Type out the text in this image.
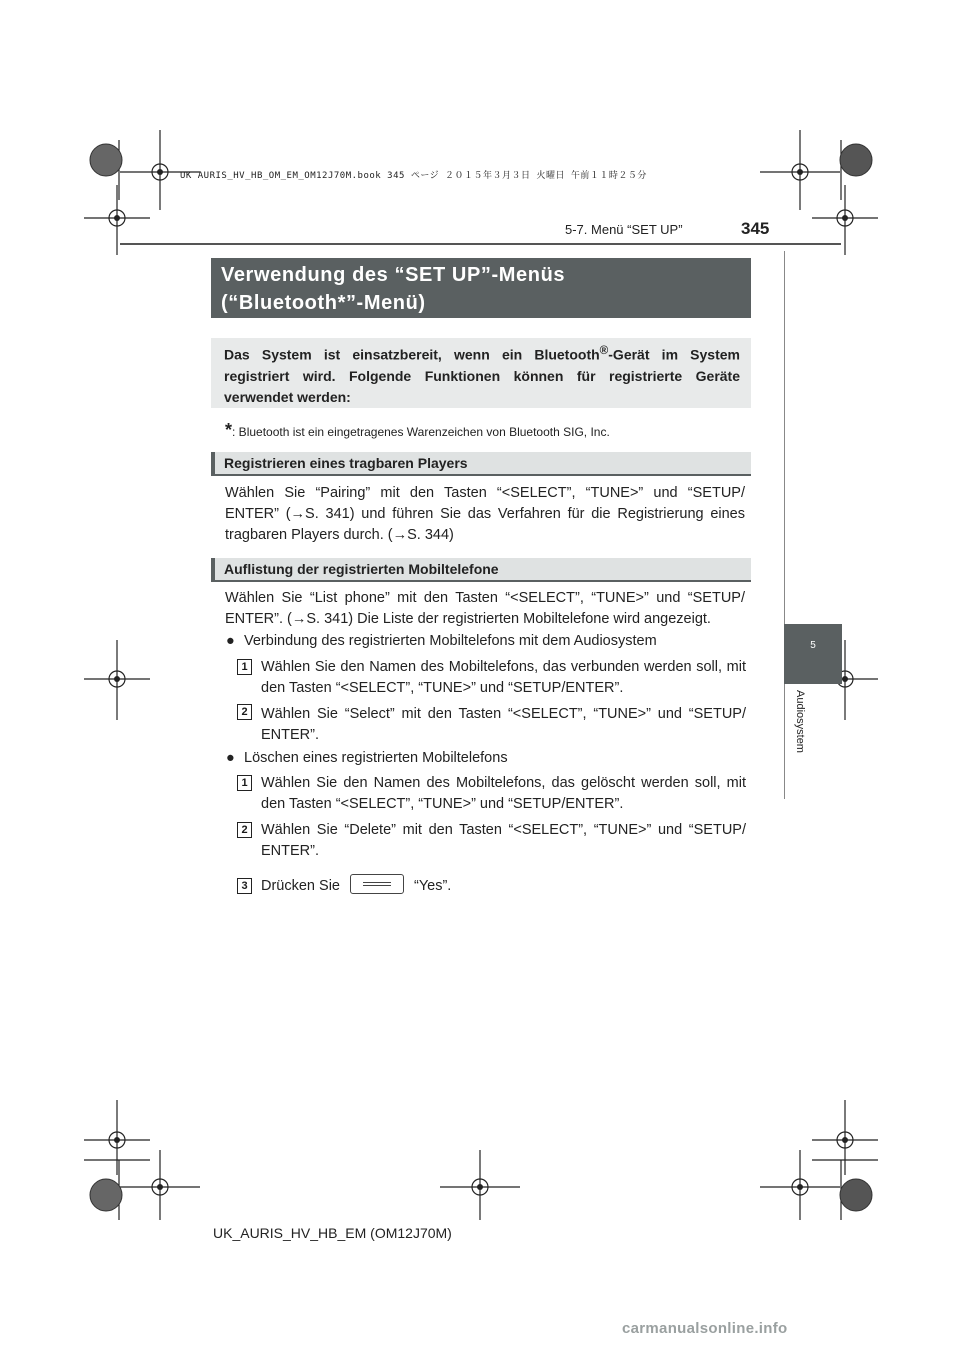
UK AURIS_HV_HB_OM_EM_OM12J70M.book 345 ページ ２０１５年３月３日 火曜日 午前１１時２５分
5-7. Menü “SET UP”	345
5
Audiosystem
Verwendung des “SET UP”-Menüs
(“Bluetooth*”-Menü)
Das System ist einsatzbereit, wenn ein Bluetooth®-Gerät im System registriert wird. Folgende Funktionen können für registrierte Geräte verwendet werden:
*: Bluetooth ist ein eingetragenes Warenzeichen von Bluetooth SIG, Inc.
Registrieren eines tragbaren Players
Wählen Sie “Pairing” mit den Tasten “<SELECT”, “TUNE>” und “SETUP/ ENTER” (→S. 341) und führen Sie das Verfahren für die Registrierung eines tragbaren Players durch. (→S. 344)
Auflistung der registrierten Mobiltelefone
Wählen Sie “List phone” mit den Tasten “<SELECT”, “TUNE>” und “SETUP/ ENTER”. (→S. 341) Die Liste der registrierten Mobiltelefone wird angezeigt.
● Verbindung des registrierten Mobiltelefons mit dem Audiosystem
1 Wählen Sie den Namen des Mobiltelefons, das verbunden werden soll, mit den Tasten “<SELECT”, “TUNE>” und “SETUP/ENTER”.
2 Wählen Sie “Select” mit den Tasten “<SELECT”, “TUNE>” und “SETUP/ ENTER”.
● Löschen eines registrierten Mobiltelefons
1 Wählen Sie den Namen des Mobiltelefons, das gelöscht werden soll, mit den Tasten “<SELECT”, “TUNE>” und “SETUP/ENTER”.
2 Wählen Sie “Delete” mit den Tasten “<SELECT”, “TUNE>” und “SETUP/ ENTER”.
3 Drücken Sie	“Yes”.
UK_AURIS_HV_HB_EM (OM12J70M)
carmanualsonline.info
